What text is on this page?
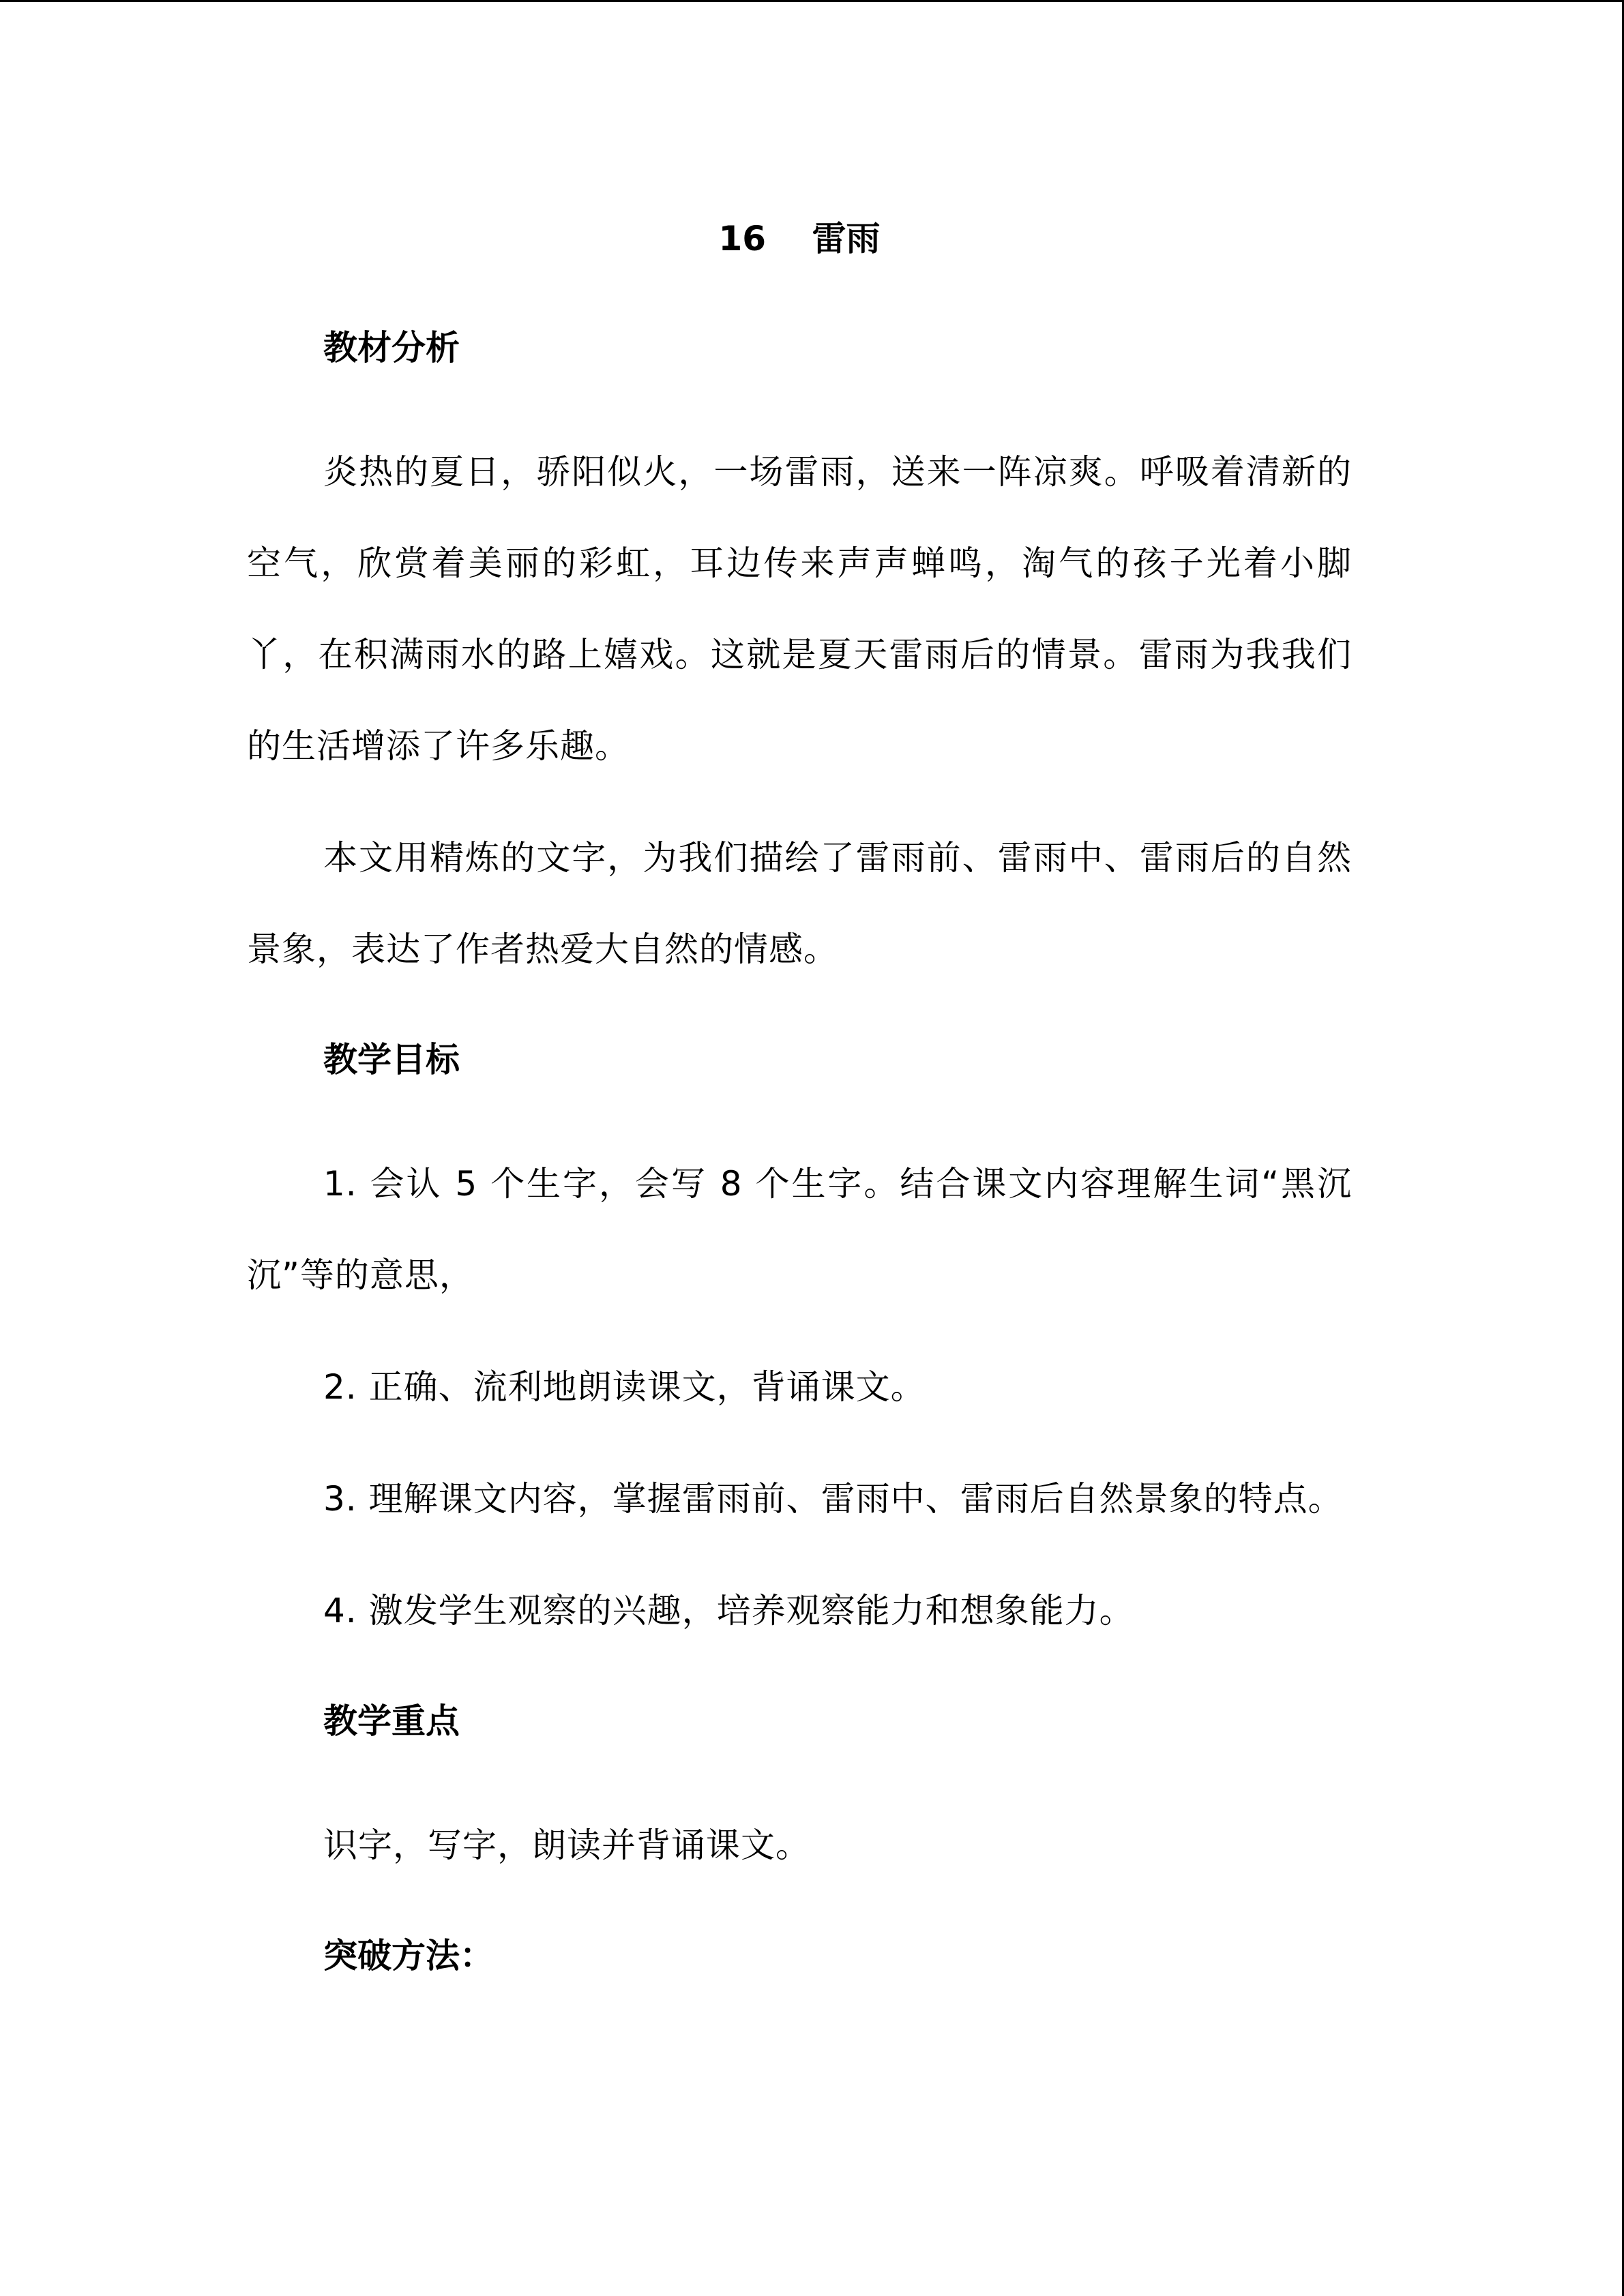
16　 雷雨
教材分析

炎热的夏日，骄阳似火，一场雷雨，送来一阵凉爽。呼吸着清新的空气，欣赏着美丽的彩虹，耳边传来声声蝉鸣，淘气的孩子光着小脚丫，在积满雨水的路上嬉戏。这就是夏天雷雨后的情景。雷雨为我我们的生活增添了许多乐趣。

本文用精炼的文字，为我们描绘了雷雨前、雷雨中、雷雨后的自然景象，表达了作者热爱大自然的情感。

教学目标

1. 会认 5 个生字，会写 8 个生字。结合课文内容理解生词“黑沉沉”等的意思，

2. 正确、流利地朗读课文，背诵课文。

3. 理解课文内容，掌握雷雨前、雷雨中、雷雨后自然景象的特点。

4. 激发学生观察的兴趣，培养观察能力和想象能力。

教学重点

识字，写字，朗读并背诵课文。

突破方法：
